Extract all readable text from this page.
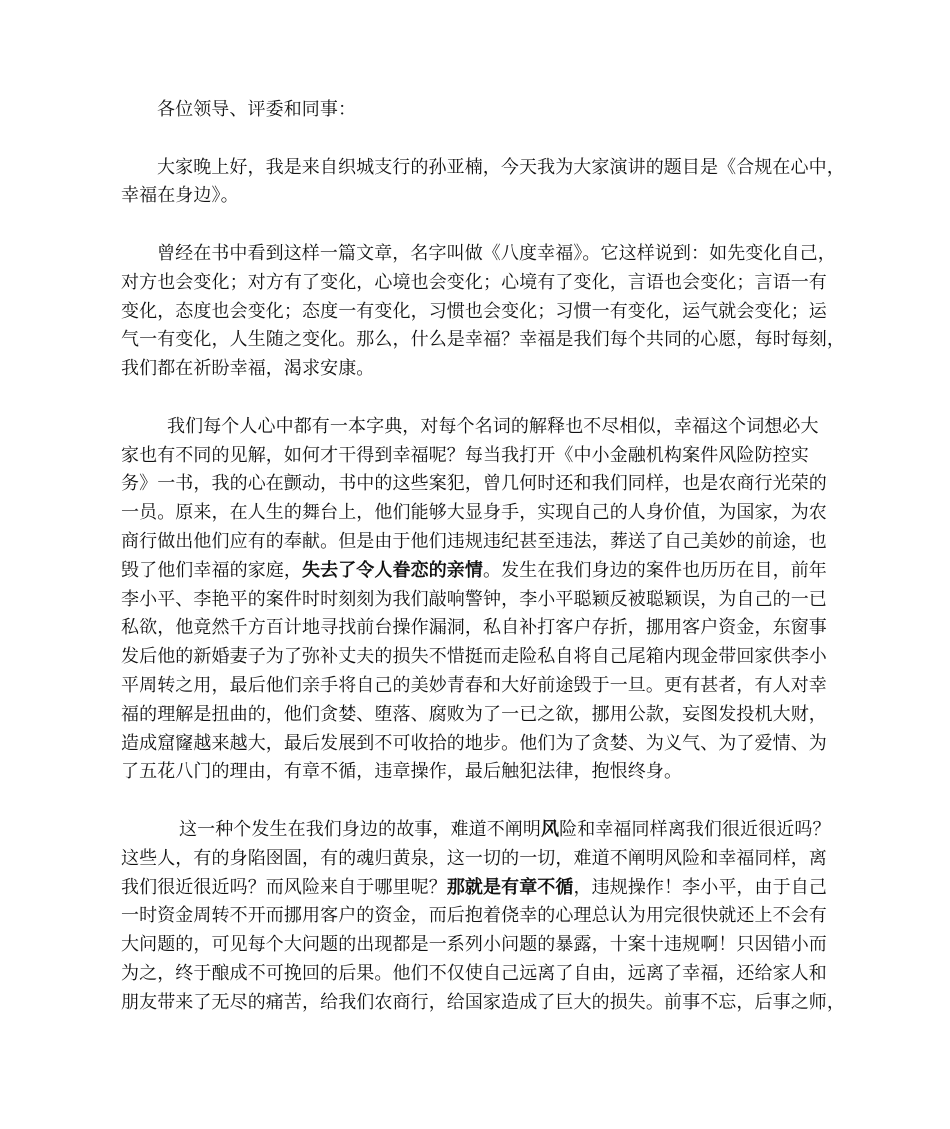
各位领导、评委和同事：

大家晚上好，我是来自织城支行的孙亚楠，今天我为大家演讲的题目是《合规在心中，
幸福在身边》。

曾经在书中看到这样一篇文章，名字叫做《八度幸福》。它这样说到：如先变化自己，
对方也会变化；对方有了变化，心境也会变化；心境有了变化，言语也会变化；言语一有
变化，态度也会变化；态度一有变化，习惯也会变化；习惯一有变化，运气就会变化；运
气一有变化，人生随之变化。那么，什么是幸福？幸福是我们每个共同的心愿，每时每刻，
我们都在祈盼幸福，渴求安康。

我们每个人心中都有一本字典，对每个名词的解释也不尽相似，幸福这个词想必大
家也有不同的见解，如何才干得到幸福呢？每当我打开《中小金融机构案件风险防控实
务》一书，我的心在颤动，书中的这些案犯，曾几何时还和我们同样，也是农商行光荣的
一员。原来，在人生的舞台上，他们能够大显身手，实现自己的人身价值，为国家，为农
商行做出他们应有的奉献。但是由于他们违规违纪甚至违法，葬送了自己美妙的前途，也
毁了他们幸福的家庭，失去了令人眷恋的亲情。发生在我们身边的案件也历历在目，前年
李小平、李艳平的案件时时刻刻为我们敲响警钟，李小平聪颖反被聪颖误，为自己的一已
私欲，他竟然千方百计地寻找前台操作漏洞，私自补打客户存折，挪用客户资金，东窗事
发后他的新婚妻子为了弥补丈夫的损失不惜挺而走险私自将自己尾箱内现金带回家供李小
平周转之用，最后他们亲手将自己的美妙青春和大好前途毁于一旦。更有甚者，有人对幸
福的理解是扭曲的，他们贪婪、堕落、腐败为了一已之欲，挪用公款，妄图发投机大财，
造成窟窿越来越大，最后发展到不可收拾的地步。他们为了贪婪、为义气、为了爱情、为
了五花八门的理由，有章不循，违章操作，最后触犯法律，抱恨终身。

这一种个发生在我们身边的故事，难道不阐明风险和幸福同样离我们很近很近吗？
这些人，有的身陷囹圄，有的魂归黄泉，这一切的一切，难道不阐明风险和幸福同样，离
我们很近很近吗？而风险来自于哪里呢？那就是有章不循，违规操作！李小平，由于自己
一时资金周转不开而挪用客户的资金，而后抱着侥幸的心理总认为用完很快就还上不会有
大问题的，可见每个大问题的出现都是一系列小问题的暴露，十案十违规啊！只因错小而
为之，终于酿成不可挽回的后果。他们不仅使自己远离了自由，远离了幸福，还给家人和
朋友带来了无尽的痛苦，给我们农商行，给国家造成了巨大的损失。前事不忘，后事之师，
